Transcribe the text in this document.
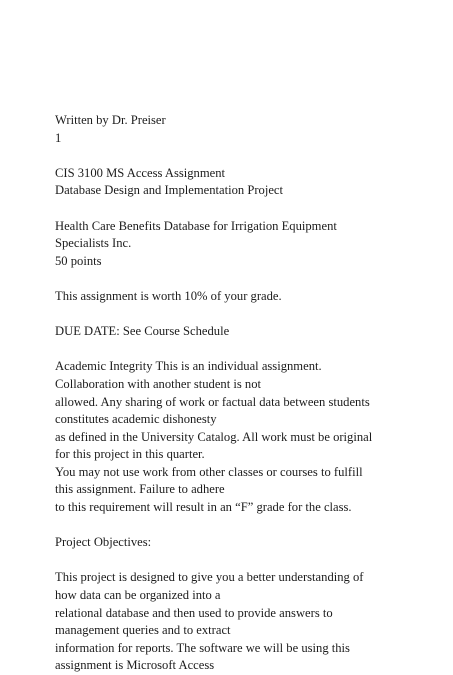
Written by Dr. Preiser
1
CIS 3100 MS Access Assignment
Database Design and Implementation Project
Health Care Benefits Database for Irrigation Equipment
Specialists Inc.
50 points
This assignment is worth 10% of your grade.
DUE DATE: See Course Schedule
Academic Integrity This is an individual assignment.
Collaboration with another student is not
allowed. Any sharing of work or factual data between students
constitutes academic dishonesty
as defined in the University Catalog. All work must be original
for this project in this quarter.
You may not use work from other classes or courses to fulfill
this assignment. Failure to adhere
to this requirement will result in an “F” grade for the class.
Project Objectives:
This project is designed to give you a better understanding of
how data can be organized into a
relational database and then used to provide answers to
management queries and to extract
information for reports. The software we will be using this
assignment is Microsoft Access
